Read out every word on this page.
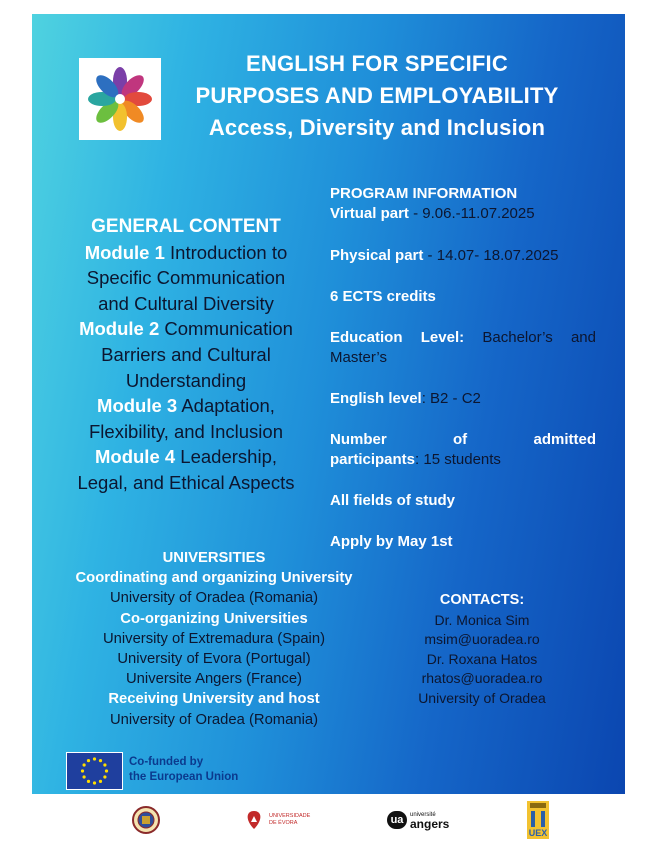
ENGLISH FOR SPECIFIC
PURPOSES AND EMPLOYABILITY
Access, Diversity and Inclusion
GENERAL CONTENT
Module 1 Introduction to
Specific Communication
and Cultural Diversity
Module 2 Communication
Barriers and Cultural
Understanding
Module 3 Adaptation,
Flexibility, and Inclusion
Module 4 Leadership,
Legal, and Ethical Aspects

PROGRAM INFORMATION

Virtual part - 9.06.-11.07.2025

Physical part - 14.07- 18.07.2025

6 ECTS credits

Education Level: Bachelor’s and

Master’s

English level: B2 - C2

Number	of	admitted

participants: 15 students

All fields of study

Apply by May 1st

UNIVERSITIES
Coordinating and organizing University
University of Oradea (Romania)
Co-organizing Universities
University of Extremadura (Spain)
University of Evora (Portugal)
Universite Angers (France)
Receiving University and host
University of Oradea (Romania)
CONTACTS:
Dr. Monica Sim
msim@uoradea.ro
Dr. Roxana Hatos
rhatos@uoradea.ro
University of Oradea
Co-funded by
the European Union
UNIVERSIDADE
DE ÉVORA	ua	université
angers
UEX
